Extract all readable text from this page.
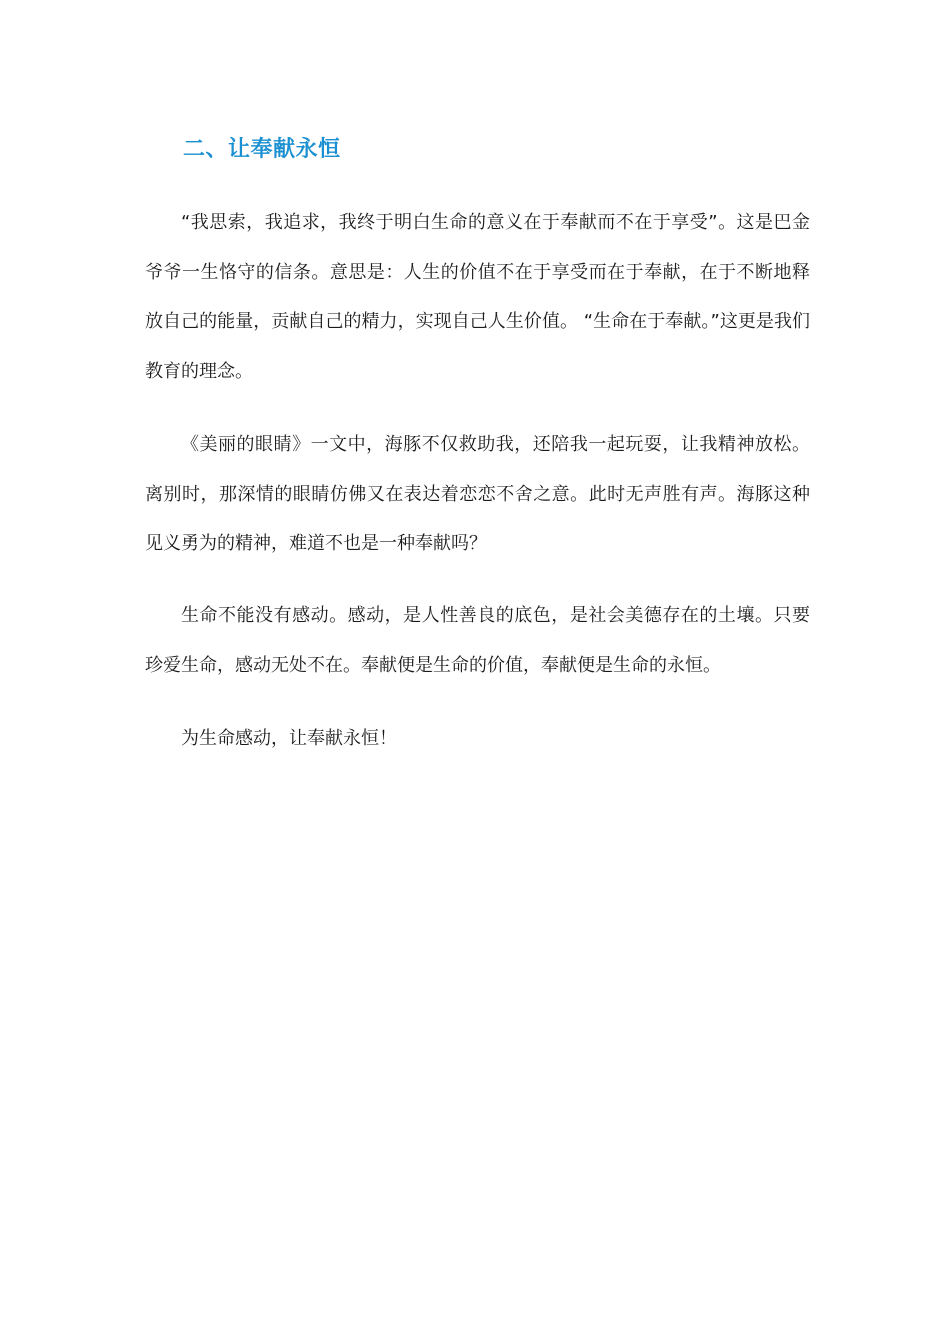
二、让奉献永恒

“我思索，我追求，我终于明白生命的意义在于奉献而不在于享受”。这是巴金爷爷一生恪守的信条。意思是：人生的价值不在于享受而在于奉献，在于不断地释放自己的能量，贡献自己的精力，实现自己人生价值。 “生命在于奉献。”这更是我们教育的理念。

《美丽的眼睛》一文中，海豚不仅救助我，还陪我一起玩耍，让我精神放松。离别时，那深情的眼睛仿佛又在表达着恋恋不舍之意。此时无声胜有声。海豚这种见义勇为的精神，难道不也是一种奉献吗？

生命不能没有感动。感动，是人性善良的底色，是社会美德存在的土壤。只要珍爱生命，感动无处不在。奉献便是生命的价值，奉献便是生命的永恒。

为生命感动，让奉献永恒！
